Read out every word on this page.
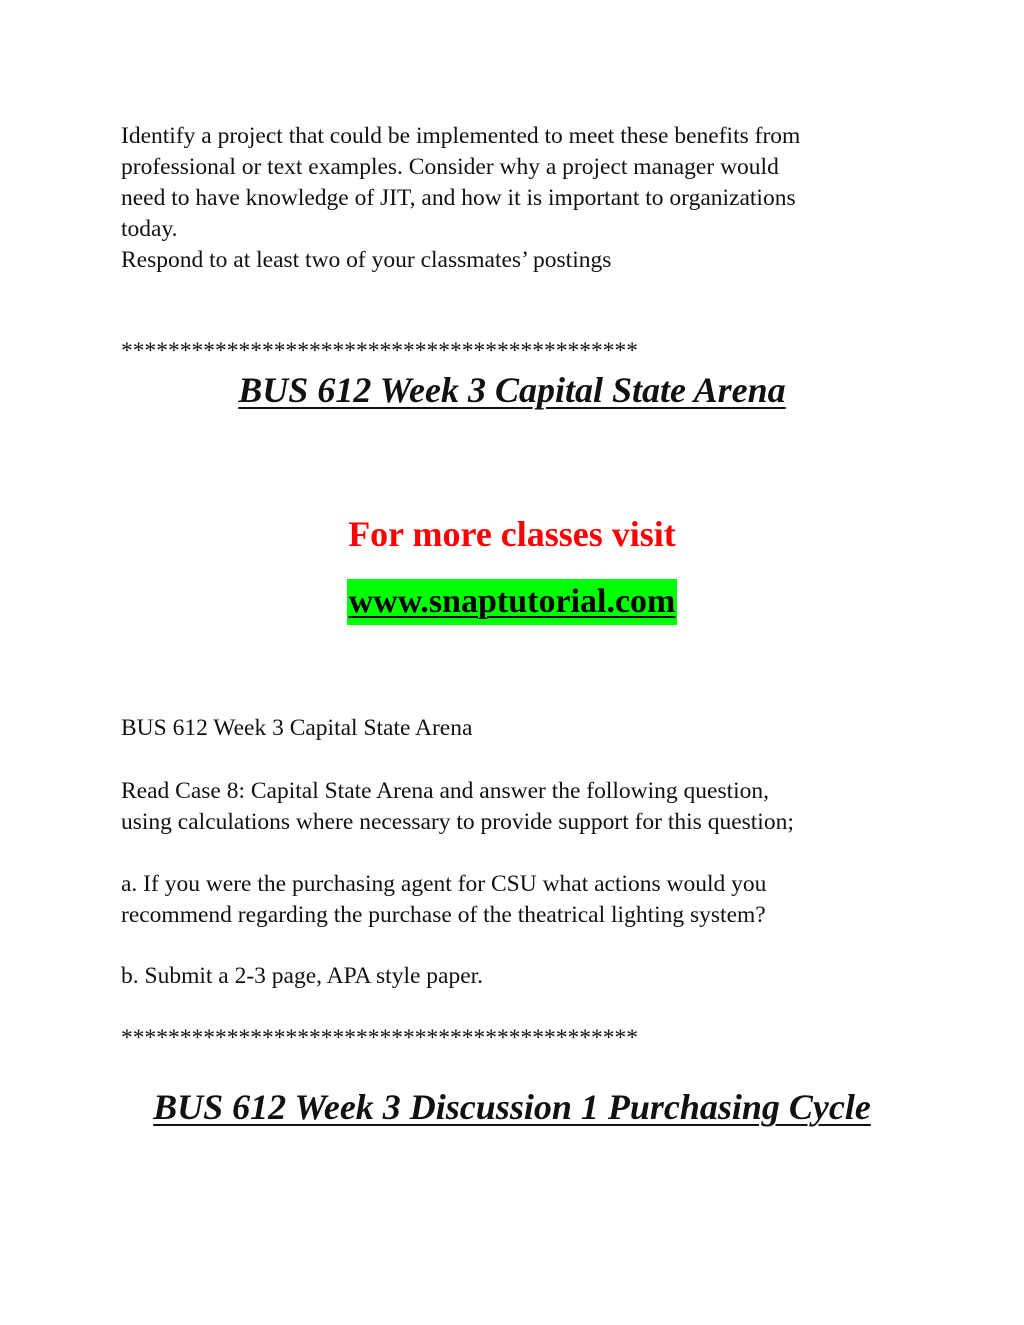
Identify a project that could be implemented to meet these benefits from
professional or text examples. Consider why a project manager would
need to have knowledge of JIT, and how it is important to organizations
today.
Respond to at least two of your classmates’ postings
********************************************
BUS 612 Week 3 Capital State Arena
For more classes visit
www.snaptutorial.com
BUS 612 Week 3 Capital State Arena
Read Case 8: Capital State Arena and answer the following question,
using calculations where necessary to provide support for this question;
a. If you were the purchasing agent for CSU what actions would you
recommend regarding the purchase of the theatrical lighting system?
b. Submit a 2-3 page, APA style paper.
********************************************
BUS 612 Week 3 Discussion 1 Purchasing Cycle
